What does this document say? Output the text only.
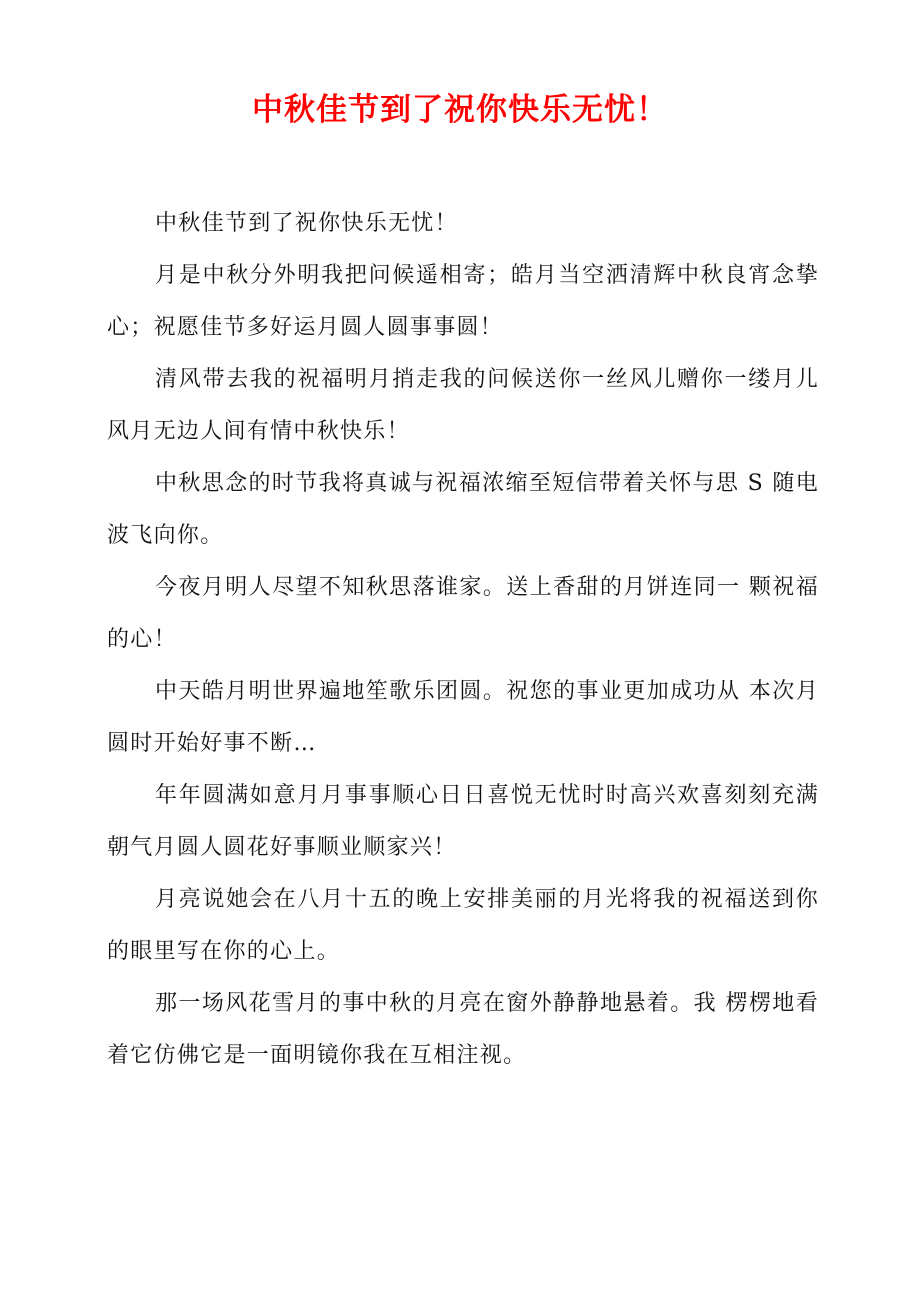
中秋佳节到了祝你快乐无忧！

中秋佳节到了祝你快乐无忧！

月是中秋分外明我把问候遥相寄；皓月当空洒清辉中秋良宵念挚心；祝愿佳节多好运月圆人圆事事圆！

清风带去我的祝福明月捎走我的问候送你一丝风儿赠你一缕月儿风月无边人间有情中秋快乐！

中秋思念的时节我将真诚与祝福浓缩至短信带着关怀与思 S 随电波飞向你。

今夜月明人尽望不知秋思落谁家。送上香甜的月饼连同一 颗祝福的心！

中天皓月明世界遍地笙歌乐团圆。祝您的事业更加成功从 本次月圆时开始好事不断…

年年圆满如意月月事事顺心日日喜悦无忧时时高兴欢喜刻刻充满朝气月圆人圆花好事顺业顺家兴！

月亮说她会在八月十五的晚上安排美丽的月光将我的祝福送到你的眼里写在你的心上。

那一场风花雪月的事中秋的月亮在窗外静静地悬着。我 楞楞地看着它仿佛它是一面明镜你我在互相注视。
